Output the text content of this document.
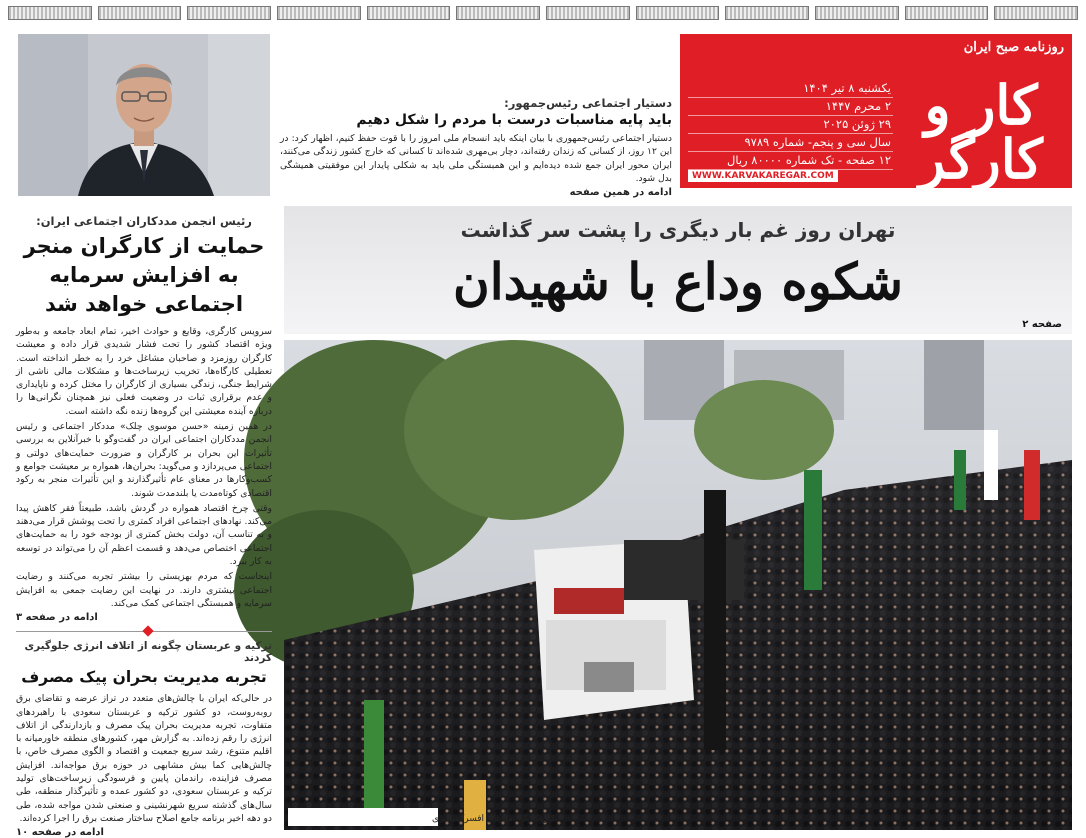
روزنامه صبح ایران
کار و کارگر
یکشنبه ۸ تیر ۱۴۰۴
۲ محرم ۱۴۴۷
۲۹ ژوئن ۲۰۲۵
سال سی و پنجم- شماره ۹۷۸۹
۱۲ صفحه - تک شماره ۸۰۰۰۰ ریال
WWW.KARVAKAREGAR.COM
دستیار اجتماعی رئیس‌جمهور:
باید پایه مناسبات درست با مردم را شکل دهیم
دستیار اجتماعی رئیس‌جمهوری با بیان اینکه باید انسجام ملی امروز را با قوت حفظ کنیم، اظهار کرد: در این ۱۲ روز، از کسانی که زندان رفته‌اند، دچار بی‌مهری شده‌اند تا کسانی که خارج کشور زندگی می‌کنند، ایران محور ایران جمع شده دیده‌ایم و این همبستگی ملی باید به شکلی پایدار این موفقیتی همیشگی بدل شود.
ادامه در همین صفحه
تهران روز غم بار دیگری را پشت سر گذاشت
شکوه وداع با شهیدان
صفحه ۲
کاروکارگر- مهربان افسرکشمیری
رئیس انجمن مددکاران اجتماعی ایران:
حمایت از کارگران منجر به افزایش سرمایه اجتماعی خواهد شد
سرویس کارگری، وقایع و حوادث اخیر، تمام ابعاد جامعه و به‌طور ویژه اقتصاد کشور را تحت فشار شدیدی قرار داده و معیشت کارگران روزمزد و صاحبان مشاغل خرد را به خطر انداخته است. تعطیلی کارگاه‌ها، تخریب زیرساخت‌ها و مشکلات مالی ناشی از شرایط جنگی، زندگی بسیاری از کارگران را مختل کرده و ناپایداری و عدم برقراری ثبات در وضعیت فعلی نیز همچنان نگرانی‌ها را درباره آینده معیشتی این گروه‌ها زنده نگه داشته است.
در همین زمینه «حسن موسوی چلک» مددکار اجتماعی و رئیس انجمن مددکاران اجتماعی ایران در گفت‌وگو با خبرآنلاین به بررسی تأثیرات این بحران بر کارگران و ضرورت حمایت‌های دولتی و اجتماعی می‌پردازد و می‌گوید: بحران‌ها، همواره بر معیشت جوامع و کسب‌وکارها در معنای عام تأثیرگذارند و این تأثیرات منجر به رکود اقتصادی کوتاه‌مدت یا بلندمدت شوند.
وقتی چرخ اقتصاد همواره در گردش باشد، طبیعتاً فقر کاهش پیدا می‌کند. نهادهای اجتماعی افراد کمتری را تحت پوشش قرار می‌دهند و به تناسب آن، دولت بخش کمتری از بودجه خود را به حمایت‌های اجتماعی اختصاص می‌دهد و قسمت اعظم آن را می‌تواند در توسعه به کار ببرد.
اینجاست که مردم بهزیستی را بیشتر تجربه می‌کنند و رضایت اجتماعی بیشتری دارند. در نهایت این رضایت جمعی به افزایش سرمایه و همبستگی اجتماعی کمک می‌کند.
ادامه در صفحه ۳
ترکیه و عربستان چگونه از اتلاف انرژی جلوگیری کردند
تجربه مدیریت بحران پیک مصرف
در حالی‌که ایران با چالش‌های متعدد در تراز عرضه و تقاضای برق روبه‌روست، دو کشور ترکیه و عربستان سعودی با راهبردهای متفاوت، تجربه مدیریت بحران پیک مصرف و بازدارندگی از اتلاف انرژی را رقم زده‌اند. به گزارش مهر، کشورهای منطقه خاورمیانه با اقلیم متنوع، رشد سریع جمعیت و اقتصاد و الگوی مصرف خاص، با چالش‌هایی کما بیش مشابهی در حوزه برق مواجه‌اند. افزایش مصرف فزاینده، راندمان پایین و فرسودگی زیرساخت‌های تولید ترکیه و عربستان سعودی، دو کشور عمده و تأثیرگذار منطقه، طی سال‌های گذشته سریع شهرنشینی و صنعتی شدن مواجه شده، طی دو دهه اخیر برنامه جامع اصلاح ساختار صنعت برق را اجرا کرده‌اند.
ادامه در صفحه ۱۰
